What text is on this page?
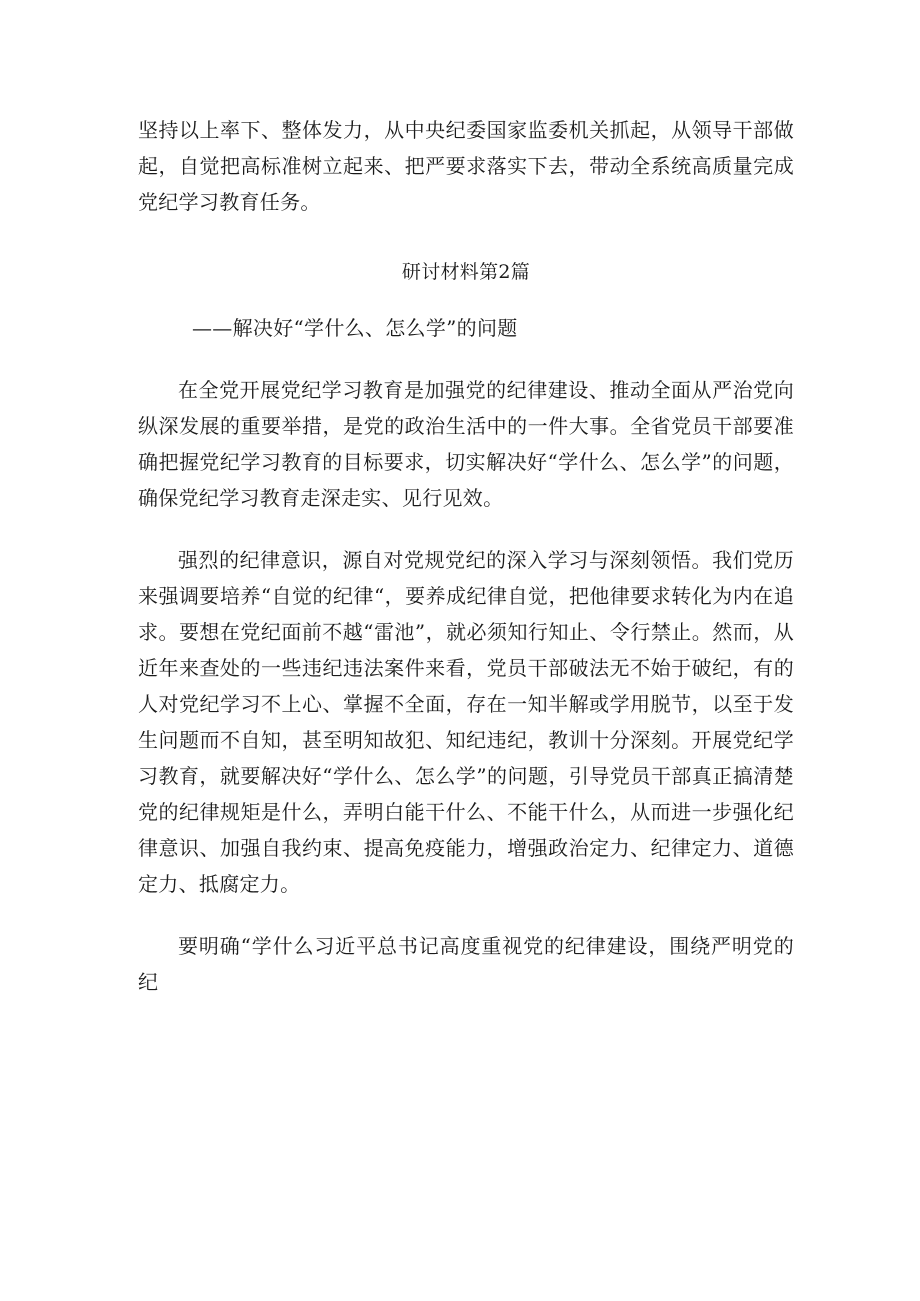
坚持以上率下、整体发力，从中央纪委国家监委机关抓起，从领导干部做起，自觉把高标准树立起来、把严要求落实下去，带动全系统高质量完成党纪学习教育任务。

研讨材料第2篇

——解决好“学什么、怎么学”的问题

在全党开展党纪学习教育是加强党的纪律建设、推动全面从严治党向纵深发展的重要举措，是党的政治生活中的一件大事。全省党员干部要准确把握党纪学习教育的目标要求，切实解决好“学什么、怎么学”的问题，确保党纪学习教育走深走实、见行见效。

强烈的纪律意识，源自对党规党纪的深入学习与深刻领悟。我们党历来强调要培养“自觉的纪律“，要养成纪律自觉，把他律要求转化为内在追求。要想在党纪面前不越“雷池”，就必须知行知止、令行禁止。然而，从近年来查处的一些违纪违法案件来看，党员干部破法无不始于破纪，有的人对党纪学习不上心、掌握不全面，存在一知半解或学用脱节，以至于发生问题而不自知，甚至明知故犯、知纪违纪，教训十分深刻。开展党纪学习教育，就要解决好“学什么、怎么学”的问题，引导党员干部真正搞清楚党的纪律规矩是什么，弄明白能干什么、不能干什么，从而进一步强化纪律意识、加强自我约束、提高免疫能力，增强政治定力、纪律定力、道德定力、抵腐定力。

要明确“学什么习近平总书记高度重视党的纪律建设，围绕严明党的纪
